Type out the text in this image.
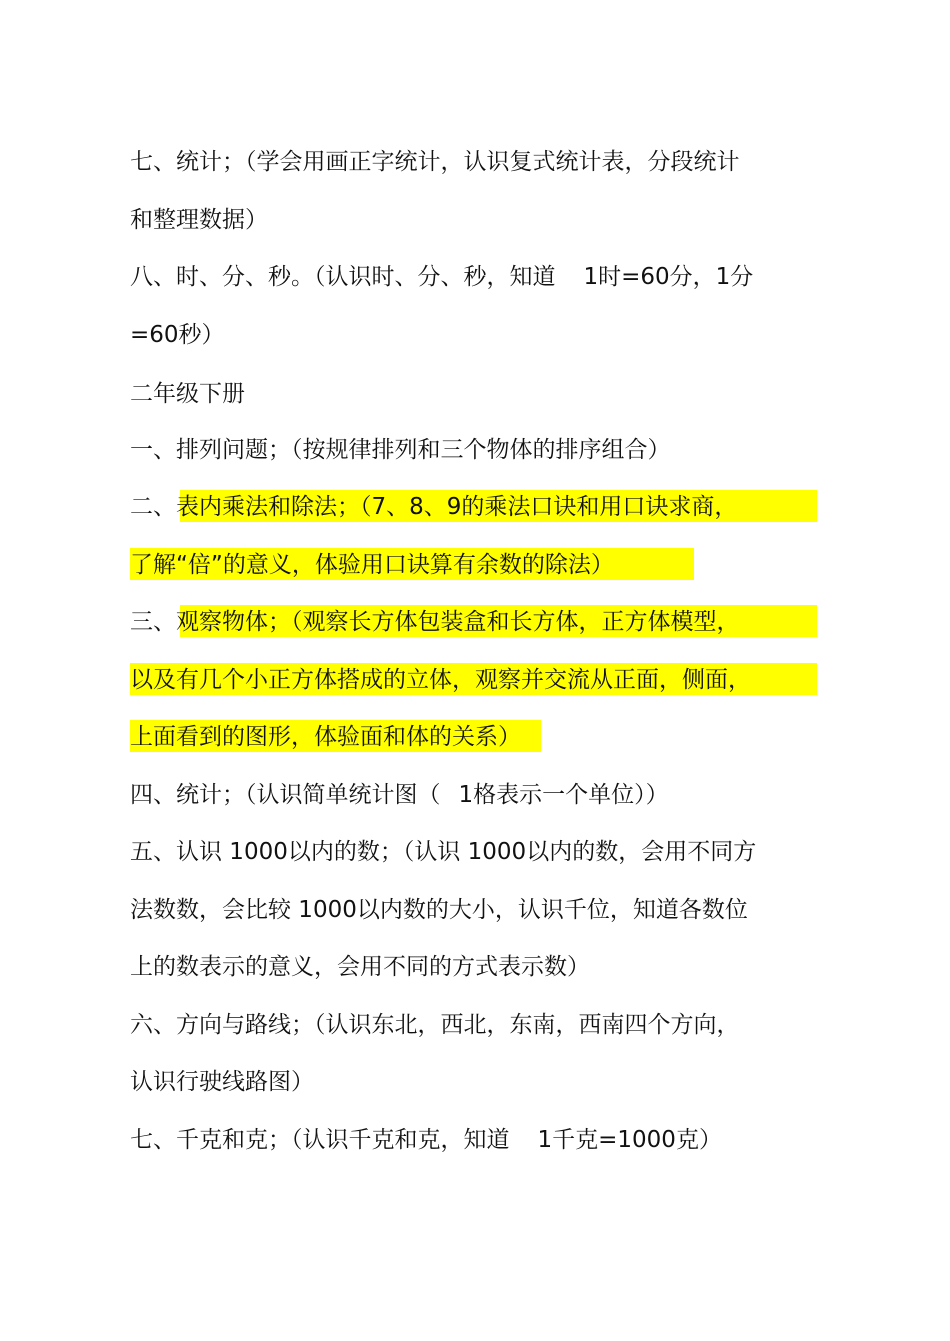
七、统计；（学会用画正字统计，认识复式统计表，分段统计
和整理数据）
八、时、分、秒。（认识时、分、秒，知道 1时=60分，1分
=60秒）
二年级下册
一、排列问题；（按规律排列和三个物体的排序组合）
二、表内乘法和除法；（7、8、9的乘法口诀和用口诀求商，
了解“倍”的意义，体验用口诀算有余数的除法）
三、观察物体；（观察长方体包装盒和长方体，正方体模型，
以及有几个小正方体搭成的立体，观察并交流从正面，侧面，
上面看到的图形，体验面和体的关系）
四、统计；（认识简单统计图（ 1格表示一个单位））
五、认识 1000以内的数；（认识 1000以内的数，会用不同方
法数数，会比较 1000以内数的大小，认识千位，知道各数位
上的数表示的意义，会用不同的方式表示数）
六、方向与路线；（认识东北，西北，东南，西南四个方向，
认识行驶线路图）
七、千克和克；（认识千克和克，知道 1千克=1000克）
